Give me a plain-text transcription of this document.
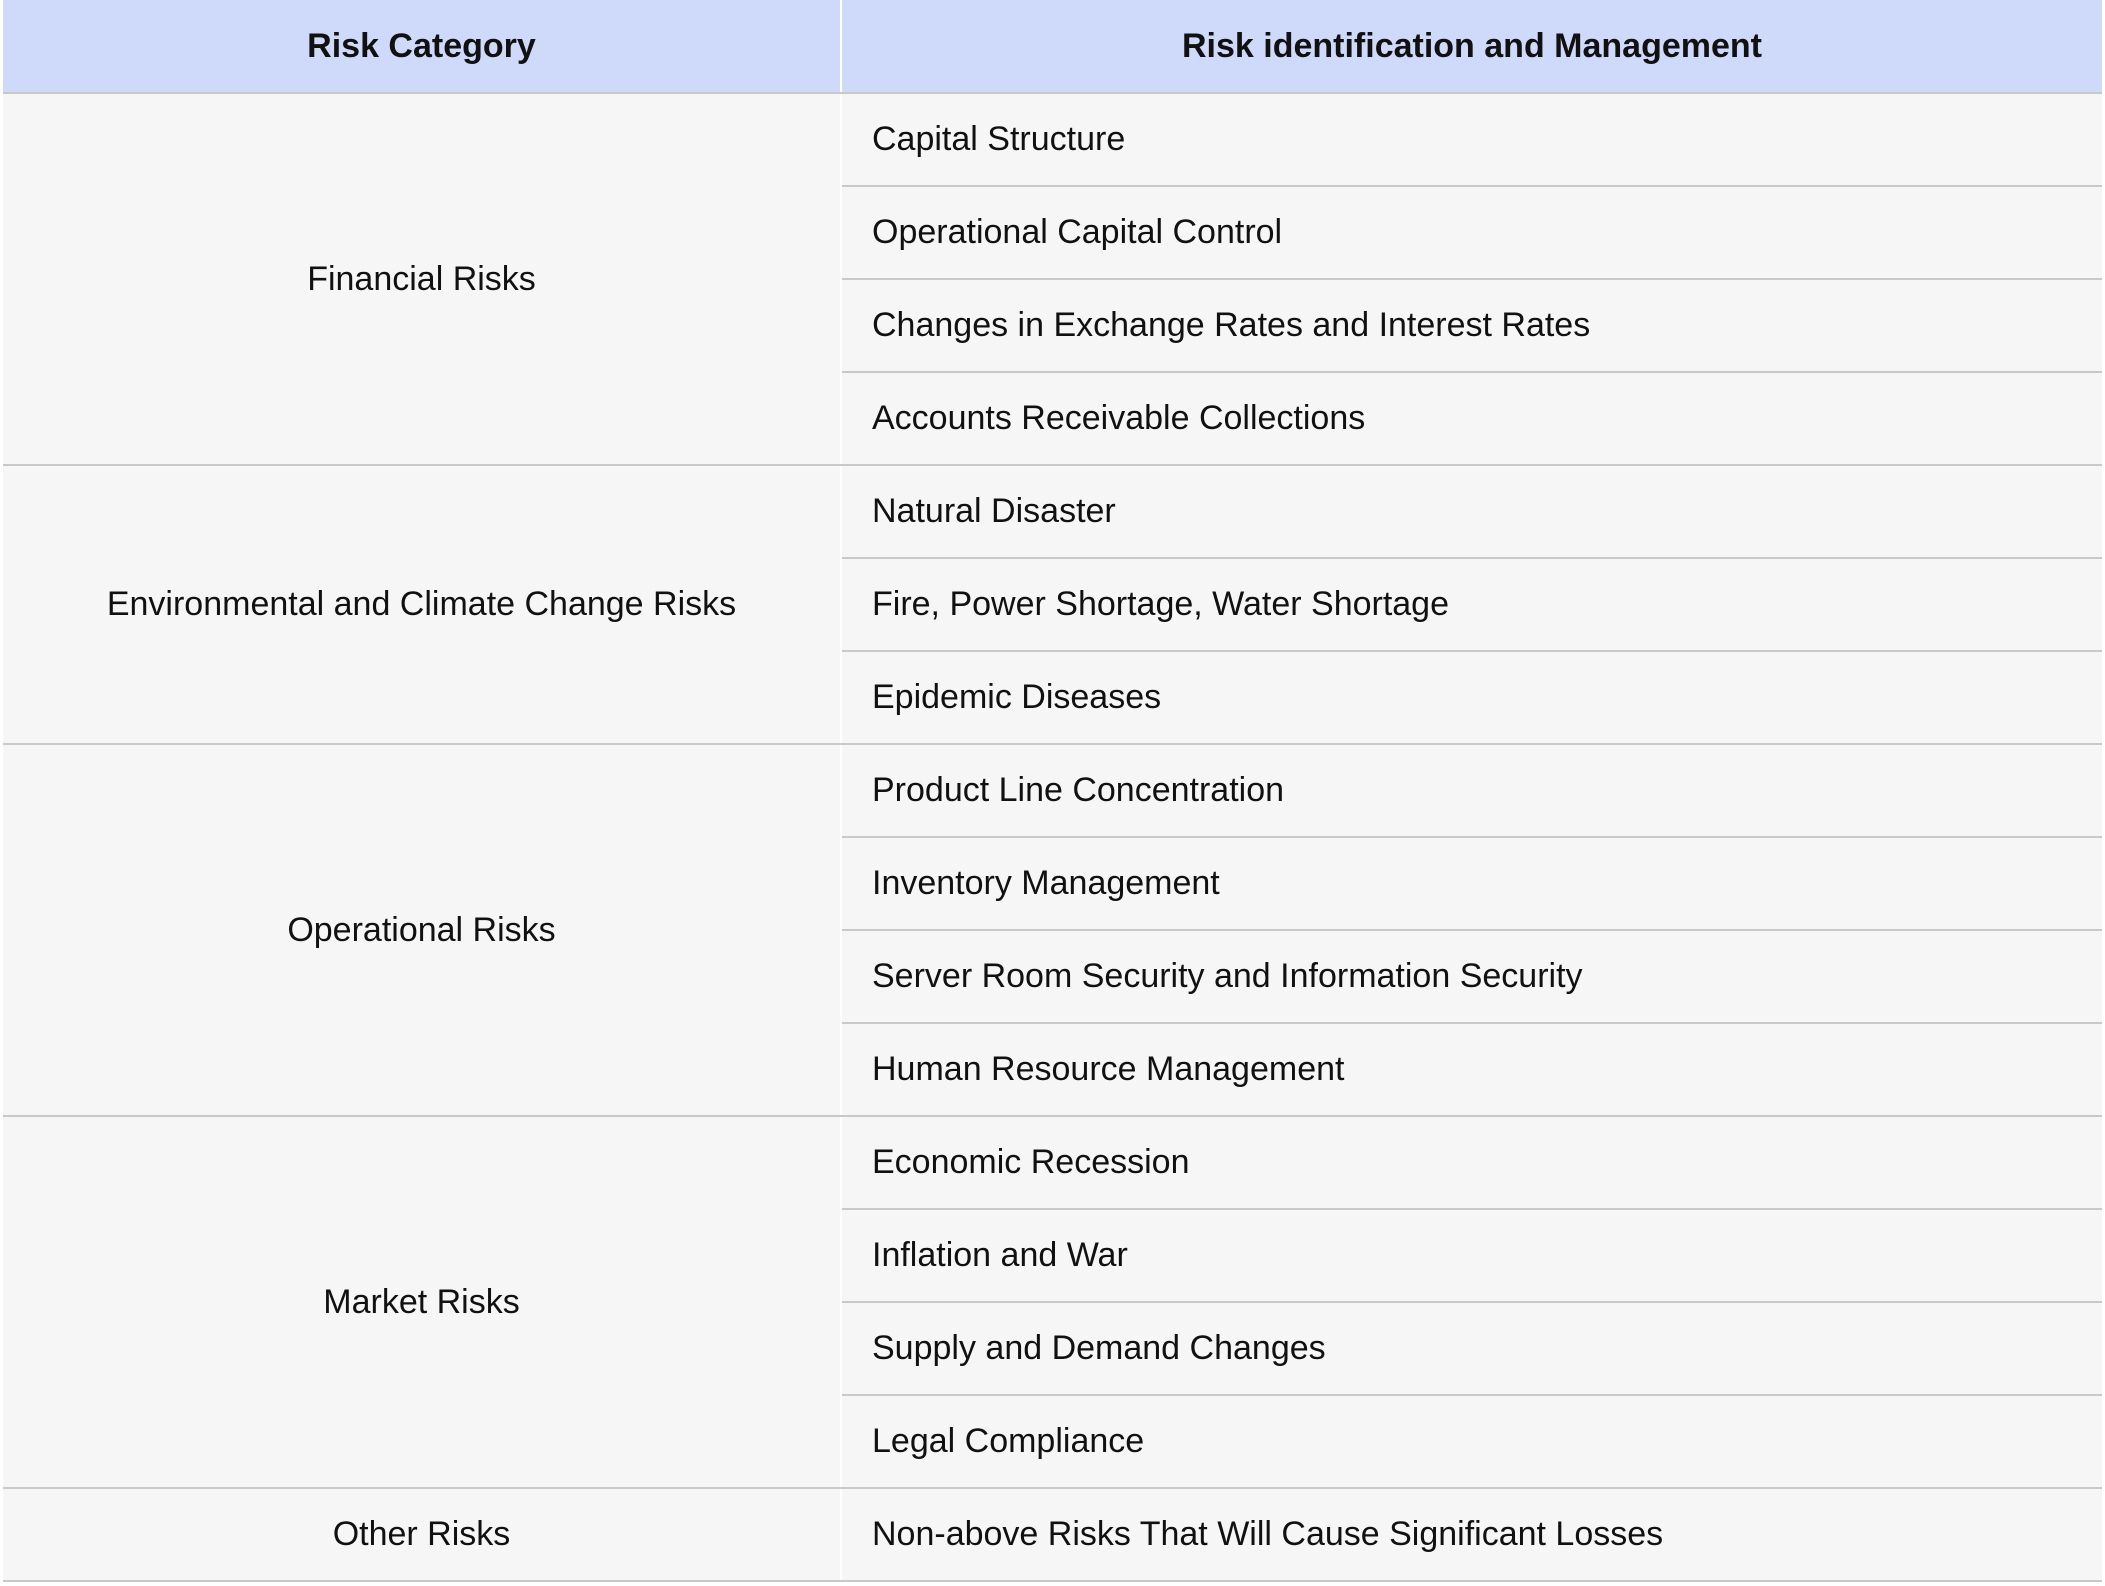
Risk Category	Risk identification and Management
Financial Risks	Capital Structure
	Operational Capital Control
	Changes in Exchange Rates and Interest Rates
	Accounts Receivable Collections
Environmental and Climate Change Risks	Natural Disaster
	Fire, Power Shortage, Water Shortage
	Epidemic Diseases
Operational Risks	Product Line Concentration
	Inventory Management
	Server Room Security and Information Security
	Human Resource Management
Market Risks	Economic Recession
	Inflation and War
	Supply and Demand Changes
	Legal Compliance
Other Risks	Non-above Risks That Will Cause Significant Losses
